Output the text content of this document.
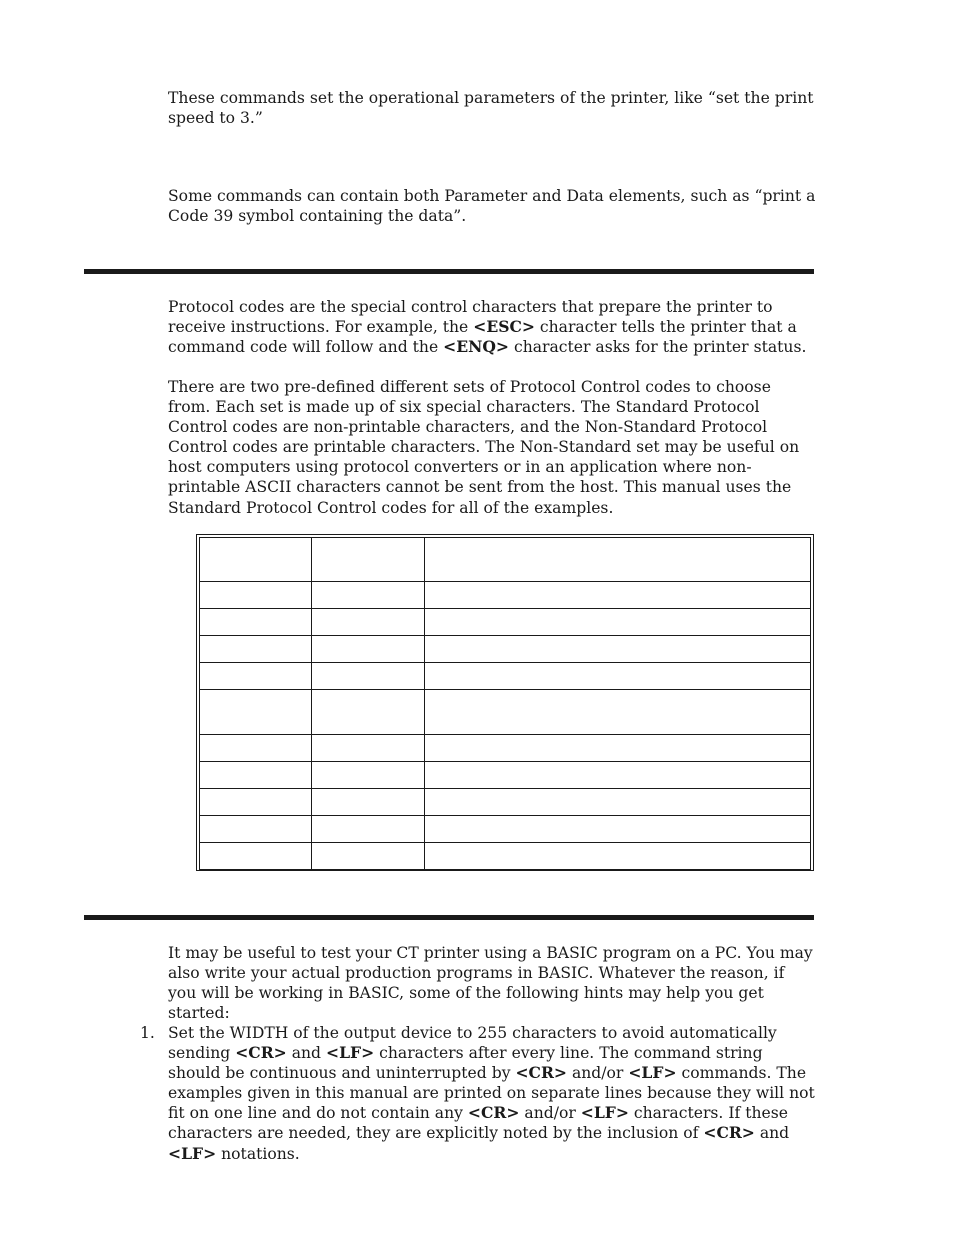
These commands set the operational parameters of the printer, like “set the print speed to 3.”

Some commands can contain both Parameter and Data elements, such as “print a Code 39 symbol containing the data”.

Protocol codes are the special control characters that prepare the printer to receive instructions. For example, the <ESC> character tells the printer that a command code will follow and the <ENQ> character asks for the printer status.

There are two pre-defined different sets of Protocol Control codes to choose from. Each set is made up of six special characters. The Standard Protocol Control codes are non-printable characters, and the Non-Standard Protocol Control codes are printable characters. The Non-Standard set may be useful on host computers using protocol converters or in an application where non-printable ASCII characters cannot be sent from the host. This manual uses the Standard Protocol Control codes for all of the examples.

It may be useful to test your CT printer using a BASIC program on a PC. You may also write your actual production programs in BASIC. Whatever the reason, if you will be working in BASIC, some of the following hints may help you get started:

1. Set the WIDTH of the output device to 255 characters to avoid automatically sending <CR> and <LF> characters after every line. The command string should be continuous and uninterrupted by <CR> and/or <LF> commands. The examples given in this manual are printed on separate lines because they will not fit on one line and do not contain any <CR> and/or <LF> characters. If these characters are needed, they are explicitly noted by the inclusion of <CR> and <LF> notations.
